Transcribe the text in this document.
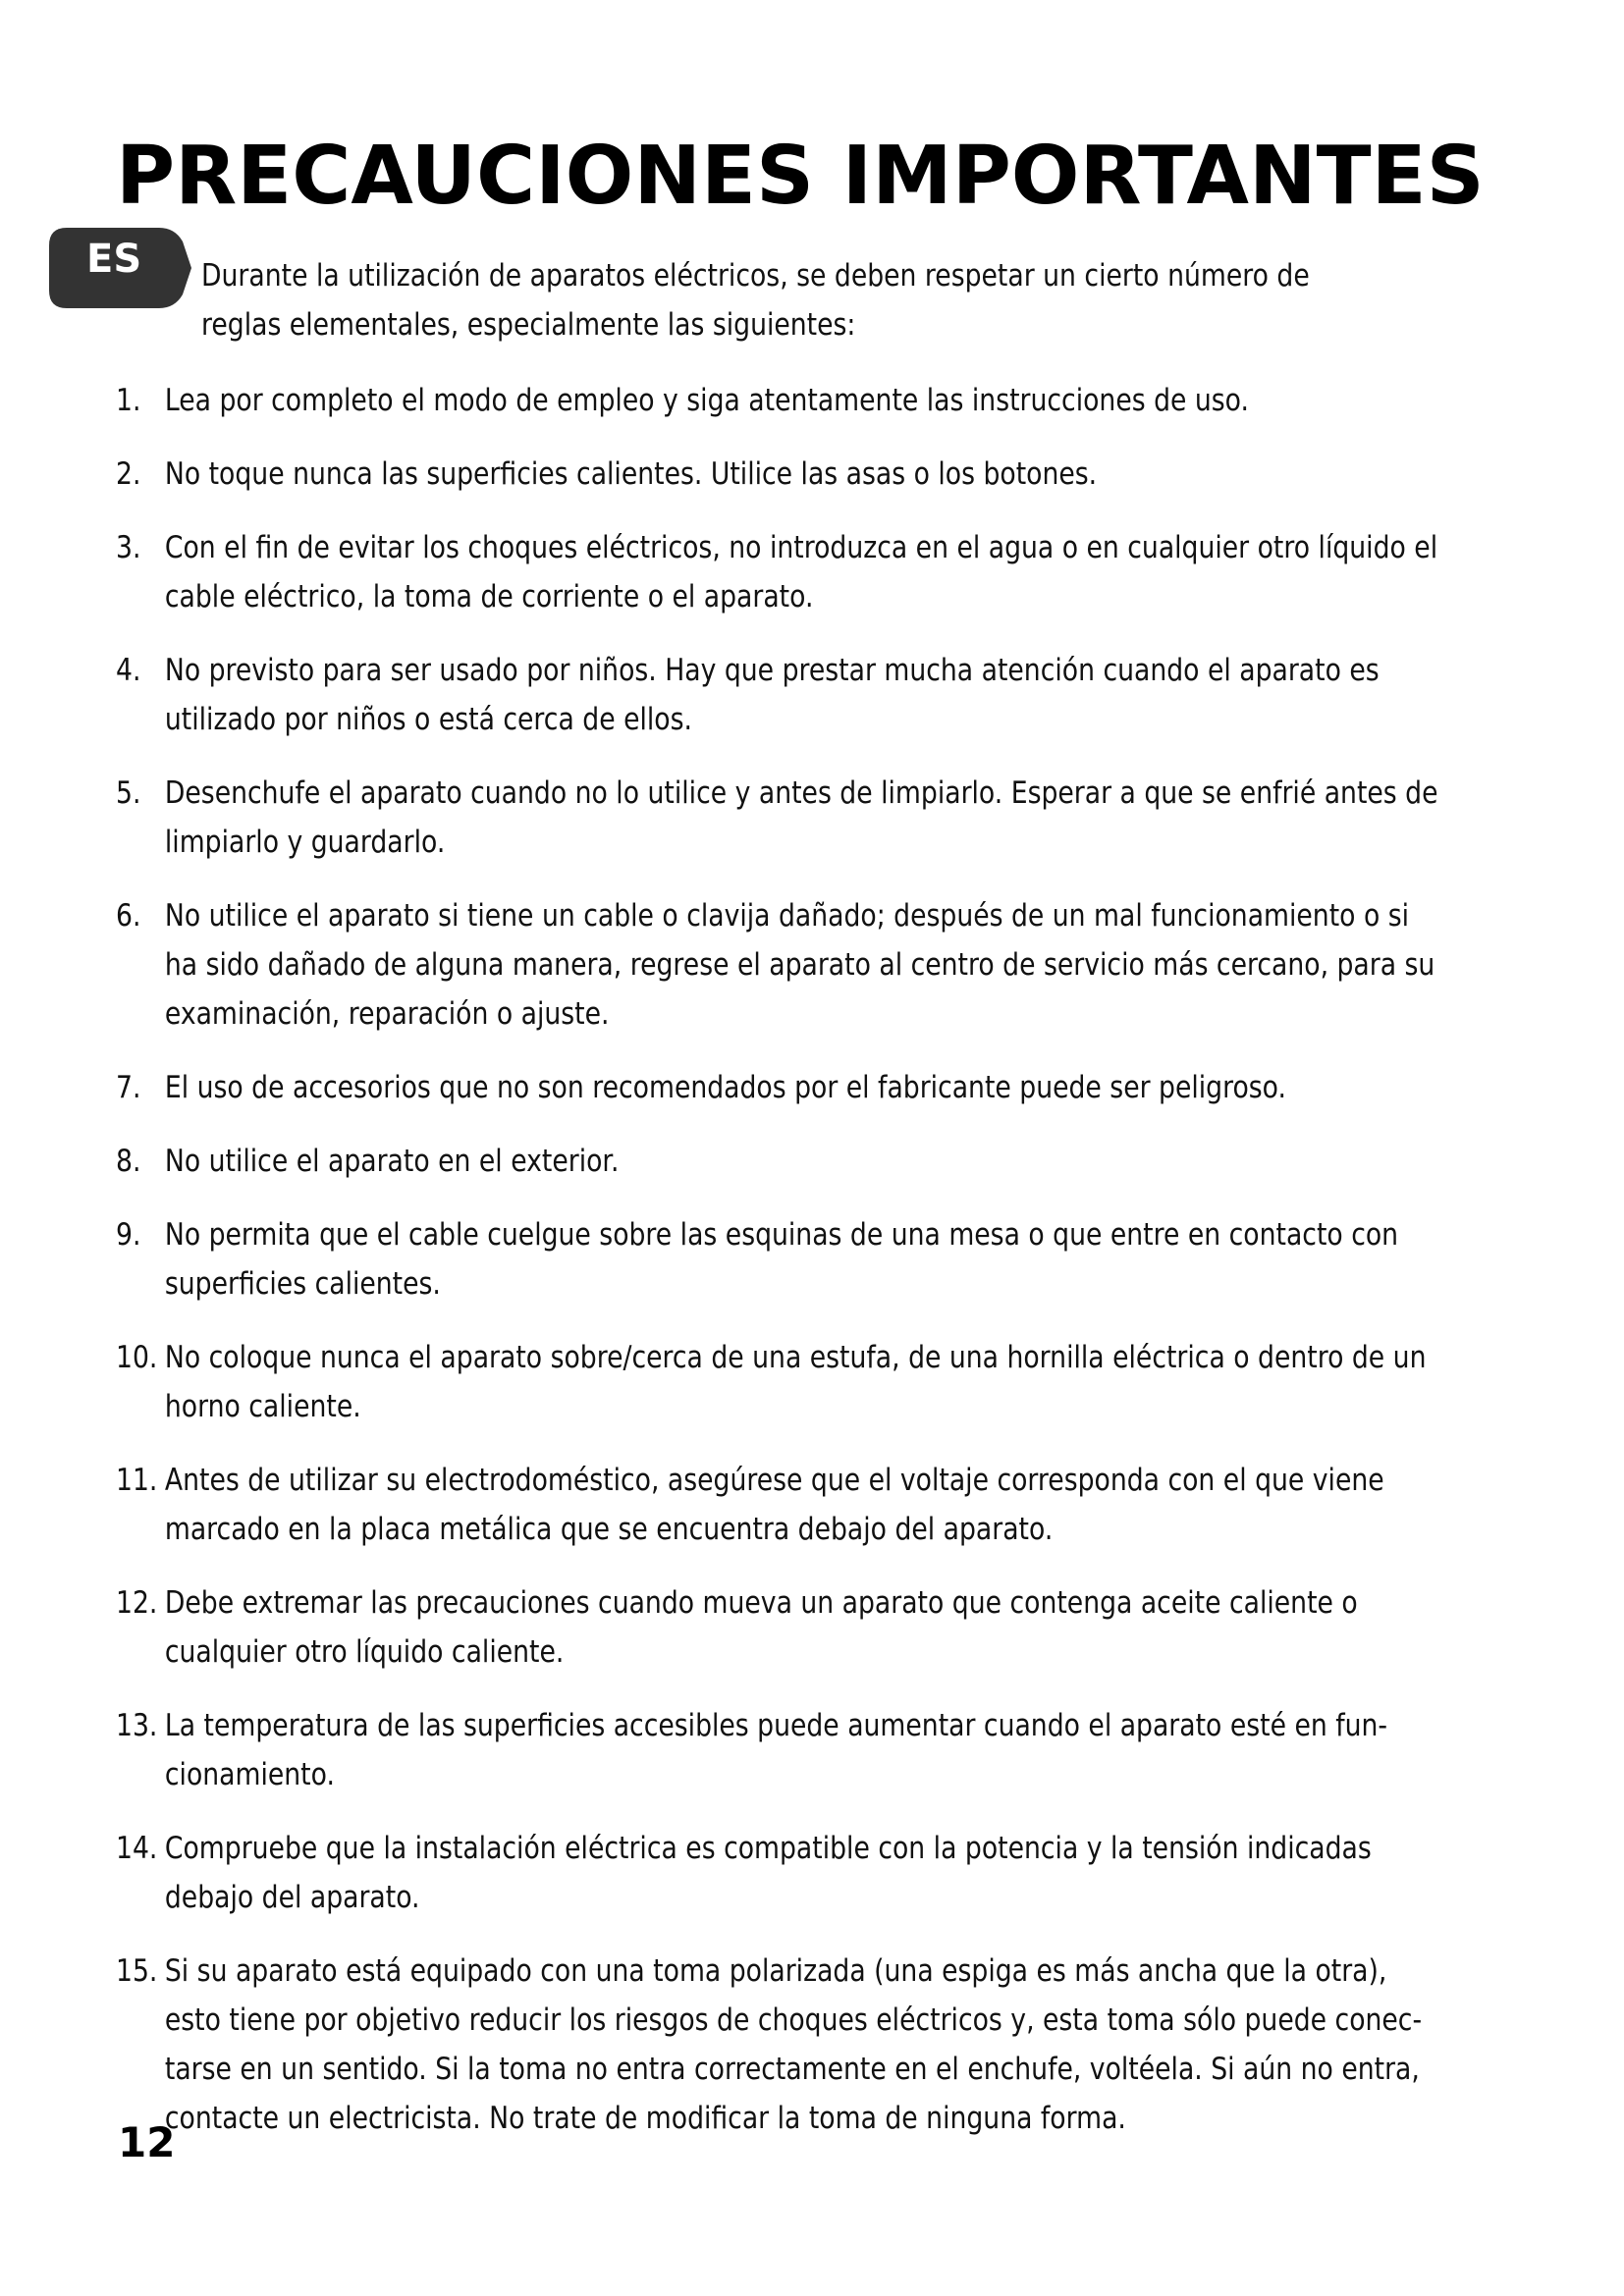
PRECAUCIONES IMPORTANTES
ES Durante la utilización de aparatos eléctricos, se deben respetar un cierto número de reglas elementales, especialmente las siguientes:

1. Lea por completo el modo de empleo y siga atentamente las instrucciones de uso.
2. No toque nunca las superficies calientes. Utilice las asas o los botones.
3. Con el fin de evitar los choques eléctricos, no introduzca en el agua o en cualquier otro líquido el cable eléctrico, la toma de corriente o el aparato.
4. No previsto para ser usado por niños. Hay que prestar mucha atención cuando el aparato es utilizado por niños o está cerca de ellos.
5. Desenchufe el aparato cuando no lo utilice y antes de limpiarlo. Esperar a que se enfrié antes de limpiarlo y guardarlo.
6. No utilice el aparato si tiene un cable o clavija dañado; después de un mal funcionamiento o si ha sido dañado de alguna manera, regrese el aparato al centro de servicio más cercano, para su examinación, reparación o ajuste.
7. El uso de accesorios que no son recomendados por el fabricante puede ser peligroso.
8. No utilice el aparato en el exterior.
9. No permita que el cable cuelgue sobre las esquinas de una mesa o que entre en contacto con superficies calientes.
10. No coloque nunca el aparato sobre/cerca de una estufa, de una hornilla eléctrica o dentro de un horno caliente.
11. Antes de utilizar su electrodoméstico, asegúrese que el voltaje corresponda con el que viene marcado en la placa metálica que se encuentra debajo del aparato.
12. Debe extremar las precauciones cuando mueva un aparato que contenga aceite caliente o cualquier otro líquido caliente.
13. La temperatura de las superficies accesibles puede aumentar cuando el aparato esté en fun-cionamiento.
14. Compruebe que la instalación eléctrica es compatible con la potencia y la tensión indicadas debajo del aparato.
15. Si su aparato está equipado con una toma polarizada (una espiga es más ancha que la otra), esto tiene por objetivo reducir los riesgos de choques eléctricos y, esta toma sólo puede conec-tarse en un sentido. Si la toma no entra correctamente en el enchufe, voltéela. Si aún no entra, contacte un electricista. No trate de modificar la toma de ninguna forma.
12
